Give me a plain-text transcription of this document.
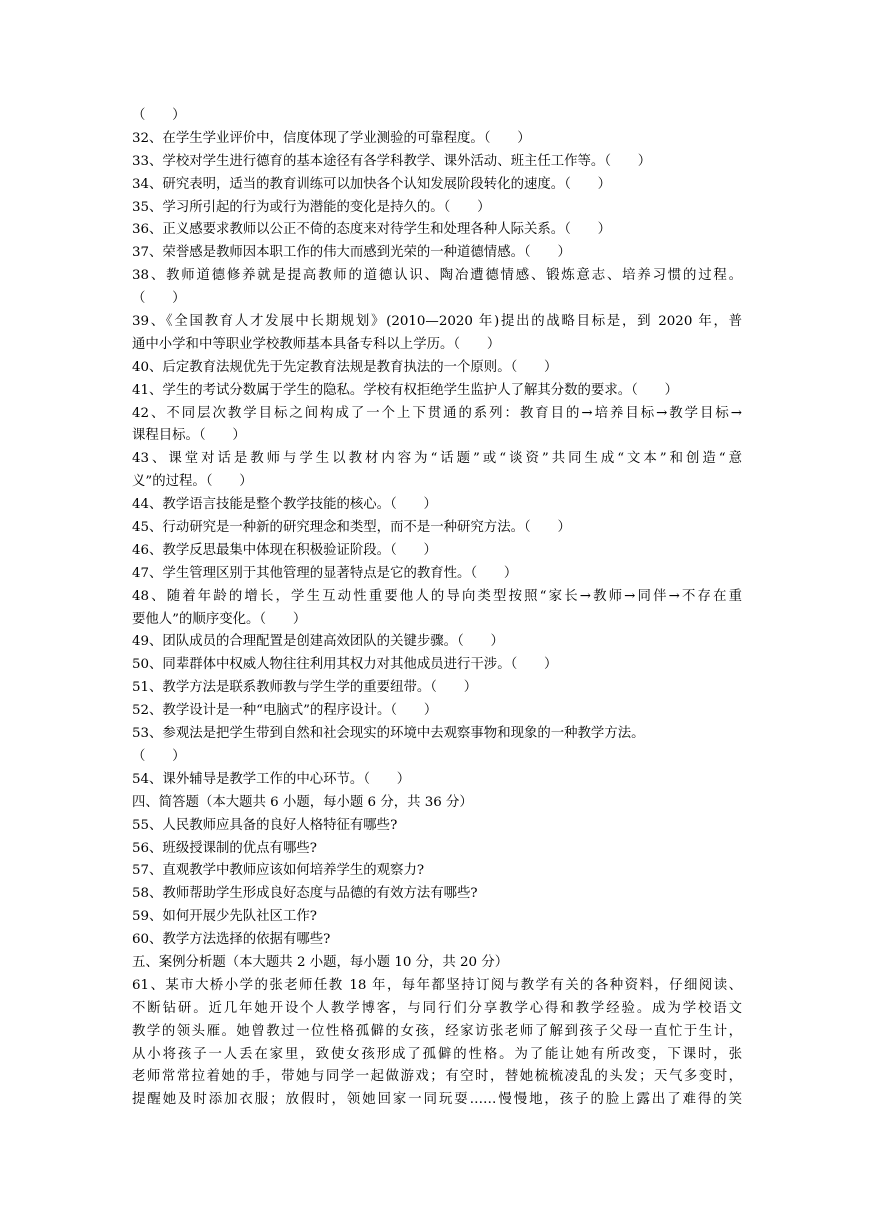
（　　）
32、在学生学业评价中，信度体现了学业测验的可靠程度。（　　）
33、学校对学生进行德育的基本途径有各学科教学、课外活动、班主任工作等。（　　）
34、研究表明，适当的教育训练可以加快各个认知发展阶段转化的速度。（　　）
35、学习所引起的行为或行为潜能的变化是持久的。（　　）
36、正义感要求教师以公正不倚的态度来对待学生和处理各种人际关系。（　　）
37、荣誉感是教师因本职工作的伟大而感到光荣的一种道德情感。（　　）
38、教师道德修养就是提高教师的道德认识、陶冶遭德情感、锻炼意志、培养习惯的过程。
（　　）
39、《全国教育人才发展中长期规划》(2010—2020 年)提出的战略目标是，到 2020 年，普
通中小学和中等职业学校教师基本具备专科以上学历。（　　）
40、后定教育法规优先于先定教育法规是教育执法的一个原则。（　　）
41、学生的考试分数属于学生的隐私。学校有权拒绝学生监护人了解其分数的要求。（　　）
42、不同层次教学目标之间构成了一个上下贯通的系列：教育目的→培养目标→教学目标→
课程目标。（　　）
43、课堂对话是教师与学生以教材内容为“话题”或“谈资”共同生成“文本”和创造“意
义”的过程。（　　）
44、教学语言技能是整个教学技能的核心。（　　）
45、行动研究是一种新的研究理念和类型，而不是一种研究方法。（　　）
46、教学反思最集中体现在积极验证阶段。（　　）
47、学生管理区别于其他管理的显著特点是它的教育性。（　　）
48、随着年龄的增长，学生互动性重要他人的导向类型按照“家长→教师→同伴→不存在重
要他人”的顺序变化。（　　）
49、团队成员的合理配置是创建高效团队的关键步骤。（　　）
50、同辈群体中权威人物往往利用其权力对其他成员进行干涉。（　　）
51、教学方法是联系教师教与学生学的重要纽带。（　　）
52、教学设计是一种“电脑式”的程序设计。（　　）
53、参观法是把学生带到自然和社会现实的环境中去观察事物和现象的一种教学方法。
（　　）
54、课外辅导是教学工作的中心环节。（　　）
四、简答题（本大题共 6 小题，每小题 6 分，共 36 分）
55、人民教师应具备的良好人格特征有哪些?
56、班级授课制的优点有哪些?
57、直观教学中教师应该如何培养学生的观察力?
58、教师帮助学生形成良好态度与品德的有效方法有哪些?
59、如何开展少先队社区工作?
60、教学方法选择的依据有哪些?
五、案例分析题（本大题共 2 小题，每小题 10 分，共 20 分）
61、某市大桥小学的张老师任教 18 年，每年都坚持订阅与教学有关的各种资料，仔细阅读、
不断钻研。近几年她开设个人教学博客，与同行们分享教学心得和教学经验。成为学校语文
教学的领头雁。她曾教过一位性格孤僻的女孩，经家访张老师了解到孩子父母一直忙于生计，
从小将孩子一人丢在家里，致使女孩形成了孤僻的性格。为了能让她有所改变，下课时，张
老师常常拉着她的手，带她与同学一起做游戏；有空时，替她梳梳凌乱的头发；天气多变时，
提醒她及时添加衣服；放假时，领她回家一同玩耍……慢慢地，孩子的脸上露出了难得的笑
